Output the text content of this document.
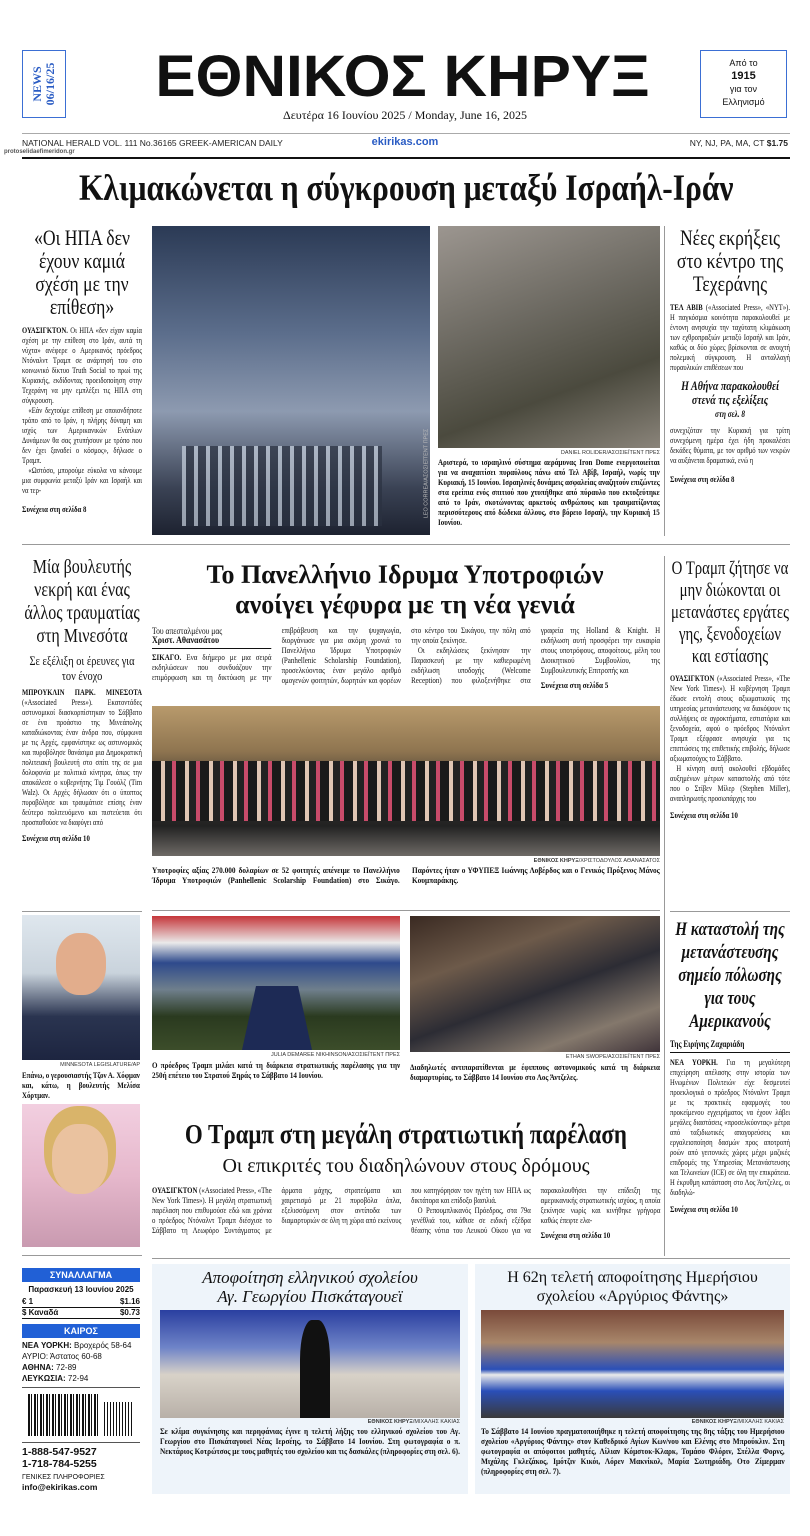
NEWS 06/16/25 ΕΘΝΙΚΟΣ ΚΗΡΥΞ
Δευτέρα 16 Ιουνίου 2025 / Monday, June 16, 2025
Από το
1915
για τον
Ελληνισμό
NATIONAL HERALD VOL. 111 No.36165 GREEK-AMERICAN DAILY
protoselidaefimeridon.gr
ekirikas.com	NY, NJ, PA, MA, CT $1.75
Κλιμακώνεται η σύγκρουση μεταξύ Ισραήλ-Ιράν
«Οι ΗΠΑ δεν έχουν καμιά σχέση με την επίθεση»

ΟΥΑΣΙΓΚΤΟΝ. Οι ΗΠΑ «δεν είχαν καμία σχέση με την επίθεση στο Ιράν, αυτά τη νύχτα» ανέφερε ο Αμερικανός πρόεδρος Ντόναλντ Τραμπ σε ανάρτησή του στο κοινωνικό δίκτυο Truth Social το πρωί της Κυριακής, εκδίδοντας προειδοποίηση στην Τεχεράνη να μην εμπλέξει τις ΗΠΑ στη σύγκρουση.

«Εάν δεχτούμε επίθεση με οποιονδήποτε τρόπο από το Ιράν, η πλήρης δύναμη και ισχύς των Αμερικανικών Ενόπλων Δυνάμεων θα σας χτυπήσουν με τρόπο που δεν έχει ξαναδεί ο κόσμος», δήλωσε ο Τραμπ.

«Ωστόσο, μπορούμε εύκολα να κάνουμε μια συμφωνία μεταξύ Ιράν και Ισραήλ και να τερ-

Συνέχεια στη σελίδα 8	LEO CORREA/ΑΣΟΣΙΕΪΤΕΝΤ ΠΡΕΣ	DANIEL ROLIDER/ΑΣΟΣΙΕΪΤΕΝΤ ΠΡΕΣ
Αριστερά, το ισραηλινό σύστημα αεράμυνας Iron Dome ενεργοποιείται για να αναχαιτίσει πυραύλους πάνω από Τελ Αβίβ, Ισραήλ, νωρίς την Κυριακή, 15 Ιουνίου. Ισραηλινές δυνάμεις ασφαλείας αναζητούν επιζώντες στα ερείπια ενός σπιτιού που χτυπήθηκε από πύραυλο που εκτοξεύτηκε από το Ιράν, σκοτώνοντας αρκετούς ανθρώπους και τραυματίζοντας περισσότερους από δώδεκα άλλους, στο βόρειο Ισραήλ, την Κυριακή 15 Ιουνίου.
Νέες εκρήξεις στο κέντρο της Τεχεράνης

ΤΕΛ ΑΒΙΒ («Associated Press», «NYT»). Η παγκόσμια κοινότητα παρακολουθεί με έντονη ανησυχία την ταχύτατη κλιμάκωση των εχθροπραξιών μεταξύ Ισραήλ και Ιράν, καθώς οι δύο χώρες βρίσκονται σε ανοιχτή πολεμική σύγκρουση. Η ανταλλαγή πυραυλικών επιθέσεων που

Η Αθήνα παρακολουθεί στενά τις εξελίξεις
στη σελ. 8

συνεχιζόταν την Κυριακή για τρίτη συνεχόμενη ημέρα έχει ήδη προκαλέσει δεκάδες θύματα, με τον αριθμό των νεκρών να αυξάνεται δραματικά, ενώ η

Συνέχεια στη σελίδα 8
Μία βουλευτής νεκρή και ένας άλλος τραυματίας στη Μινεσότα
Σε εξέλιξη οι έρευνες για τον ένοχο

ΜΠΡΟΥΚΛΙΝ ΠΑΡΚ. ΜΙΝΕΣΟΤΑ («Associated Press»). Εκατοντάδες αστυνομικοί διασκορπίστηκαν το Σάββατο σε ένα προάστιο της Μινεάπολης καταδιώκοντας έναν άνδρα που, σύμφωνα με τις Αρχές, εμφανίστηκε ως αστυνομικός και πυροβόλησε θανάσιμα μια Δημοκρατική πολιτειακή βουλευτή στο σπίτι της σε μια δολοφονία με πολιτικά κίνητρα, όπως την αποκάλεσε ο κυβερνήτης Τιμ Γουόλζ (Tim Walz). Οι Αρχές δήλωσαν ότι ο ύποπτος πυροβόλησε και τραυμάτισε επίσης έναν δεύτερο πολιτευόμενο και πιστεύεται ότι προσπαθούσε να διαφύγει από

Συνέχεια στη σελίδα 10
MINNESOTA LEGISLATURE/AP
Επάνω, ο γερουσιαστής Τζον Α. Χόφμαν και, κάτω, η βουλευτής Μελίσα Χόρτμαν.
Το Πανελλήνιο Ιδρυμα Υποτροφιών
ανοίγει γέφυρα με τη νέα γενιά
Του απεσταλμένου μας
Χριστ. Αθανασάτου

ΣΙΚΑΓΟ. Ενα διήμερο με μια σειρά εκδηλώσεων που συνδυάζουν την επιμόρφωση και τη δικτύωση με την επιβράβευση και την ψυχαγωγία, διοργάνωσε για μια ακόμη χρονιά το Πανελλήνιο Ίδρυμα Υποτροφιών (Panhellenic Scholarship Foundation), προσελκύοντας έναν μεγάλο αριθμό ομογενών φοιτητών, δωρητών και φορέων στο κέντρο του Σικάγου, την πόλη από την οποία ξεκίνησε.

Οι εκδηλώσεις ξεκίνησαν την Παρασκευή με την καθιερωμένη εκδήλωση υποδοχής (Welcome Reception) που φιλοξενήθηκε στα γραφεία της Holland & Knight. Η εκδήλωση αυτή προσφέρει την ευκαιρία στους υποτρόφους, αποφοίτους, μέλη του Διοικητικού Συμβουλίου, της Συμβουλευτικής Επιτροπής και

Συνέχεια στη σελίδα 5
ΕΘΝΙΚΟΣ ΚΗΡΥΞ/ΧΡΙΣΤΟΔΟΥΛΟΣ ΑΘΑΝΑΣΑΤΟΣ
Υποτροφίες αξίας 270.000 δολαρίων σε 52 φοιτητές απένειμε το Πανελλήνιο Ίδρυμα Υποτροφιών (Panhellenic Scolarship Foundation) στο Σικάγο. Παρόντες ήταν ο ΥΦΥΠΕΞ Ιωάννης Λοβέρδος και ο Γενικός Πρόξενος Μάνος Κουμπαράκης.
Ο Τραμπ ζήτησε να μην διώκονται οι μετανάστες εργάτες γης, ξενοδοχείων και εστίασης

ΟΥΑΣΙΓΚΤΟΝ («Associated Press», «The New York Times»). Η κυβέρνηση Τραμπ έδωσε εντολή στους αξιωματικούς της υπηρεσίας μετανάστευσης να διακόψουν τις συλλήψεις σε αγροκτήματα, εστιατόρια και ξενοδοχεία, αφού ο πρόεδρος Ντόναλντ Τραμπ εξέφρασε ανησυχία για τις επιπτώσεις της επιθετικής επιβολής, δήλωσε αξιωματούχος το Σάββατο.

Η κίνηση αυτή ακολουθεί εβδομάδες αυξημένων μέτρων καταστολής από τότε που ο Στίβεν Μίλερ (Stephen Miller), αναπληρωτής προσωπάρχης του

Συνέχεια στη σελίδα 10
Η καταστολή της μετανάστευσης σημείο πόλωσης για τους Αμερικανούς
Της Ειρήνης Ζαχαριάδη

ΝΕΑ ΥΟΡΚΗ. Για τη μεγαλύτερη επιχείρηση απέλασης στην ιστορία των Ηνωμένων Πολιτειών είχε δεσμευτεί προεκλογικά ο πρόεδρος Ντόναλντ Τραμπ με τις πρακτικές εφαρμογές του προκείμενου εγχειρήματος να έχουν λάβει μεγάλες διαστάσεις «προσελκύοντας» μέτρα από ταξιδιωτικές απαγορεύσεις και εργαλειοποίηση δασμών προς αποτροπή ροών από γειτονικές χώρες μέχρι μαζικές επιδρομές της Υπηρεσίας Μετανάστευσης και Τελωνείων (ICE) σε όλη την επικράτεια. Η έκρυθμη κατάσταση στο Λος Άντζελες, οι διαδηλώ-

Συνέχεια στη σελίδα 10
JULIA DEMAREE NIKHINSON/ΑΣΟΣΙΕΪΤΕΝΤ ΠΡΕΣ
Ο πρόεδρος Τραμπ μιλάει κατά τη διάρκεια στρατιωτικής παρέλασης για την 250ή επέτειο του Στρατού Ξηράς το Σάββατο 14 Ιουνίου.
ETHAN SWOPE/ΑΣΟΣΙΕΪΤΕΝΤ ΠΡΕΣ
Διαδηλωτές αντιπαρατίθενται με έφιππους αστυνομικούς κατά τη διάρκεια διαμαρτυρίας, το Σάββατο 14 Ιουνίου στο Λος Άντζελες.
Ο Τραμπ στη μεγάλη στρατιωτική παρέλαση
Οι επικριτές του διαδηλώνουν στους δρόμους

ΟΥΑΣΙΓΚΤΟΝ («Associated Press», «The New York Times»). Η μεγάλη στρατιωτική παρέλαση που επιθυμούσε εδώ και χρόνια ο πρόεδρος Ντόναλντ Τραμπ διέσχισε το Σάββατο τη Λεωφόρο Συντάγματος με άρματα μάχης, στρατεύματα και χαιρετισμό με 21 πυροβόλα όπλα, εξελισσόμενη στον αντίποδα των διαμαρτυριών σε όλη τη χώρα από εκείνους που κατηγόρησαν τον ηγέτη των ΗΠΑ ως δικτάτορα και επίδοξο βασιλιά.

Ο Ρεπουμπλικανός Πρόεδρος, στα 79α γενέθλιά του, κάθισε σε ειδική εξέδρα θέασης νότια του Λευκού Οίκου για να παρακολουθήσει την επίδειξη της αμερικανικής στρατιωτικής ισχύος, η οποία ξεκίνησε νωρίς και κινήθηκε γρήγορα καθώς έπεφτε ελα-

Συνέχεια στη σελίδα 10
ΣΥΝΑΛΛΑΓΜΑ
Παρασκευή 13 Ιουνίου 2025
€ 1	$1.16
$ Καναδά	$0.73
ΚΑΙΡΟΣ
ΝΕΑ ΥΟΡΚΗ: Βροχερός 58-64
ΑΥΡΙΟ: Άστατος 60-68
ΑΘΗΝΑ: 72-89
ΛΕΥΚΩΣΙΑ: 72-94
1-888-547-9527
1-718-784-5255
ΓΕΝΙΚΕΣ ΠΛΗΡΟΦΟΡΙΕΣ
info@ekirikas.com
Αποφοίτηση ελληνικού σχολείου
Αγ. Γεωργίου Πισκάταγουεϊ
ΕΘΝΙΚΟΣ ΚΗΡΥΞ/ΜΙΧΑΛΗΣ ΚΑΚΙΑΣ
Σε κλίμα συγκίνησης και περηφάνιας έγινε η τελετή λήξης του ελληνικού σχολείου του Αγ. Γεωργίου στο Πισκάταγουεϊ Νέας Ιερσέης, το Σάββατο 14 Ιουνίου. Στη φωτογραφία ο π. Νεκτάριος Κοτρώτσος με τους μαθητές του σχολείου και τις δασκάλες (πληροφορίες στη σελ. 6).
Η 62η τελετή αποφοίτησης Ημερήσιου
σχολείου «Αργύριος Φάντης»
ΕΘΝΙΚΟΣ ΚΗΡΥΞ/ΜΙΧΑΛΗΣ ΚΑΚΙΑΣ
Το Σάββατο 14 Ιουνίου πραγματοποιήθηκε η τελετή αποφοίτησης της 8ης τάξης του Ημερήσιου σχολείου «Αργύριος Φάντης» στον Καθεδρικό Αγίων Κων/νου και Ελένης στο Μπρούκλιν. Στη φωτογραφία οι απόφοιτοι μαθητές, Λίλιαν Κόμστοκ-Κλαρκ, Τομάσο Φλόριν, Στέλλα Φορνς, Μιχάλης Γκλεζάκος, Ιμότζιν Κικόι, Λόρεν Μακνίκολ, Μαρία Σωτηριάδη, Οτο Ζίμερμαν (πληροφορίες στη σελ. 7).
